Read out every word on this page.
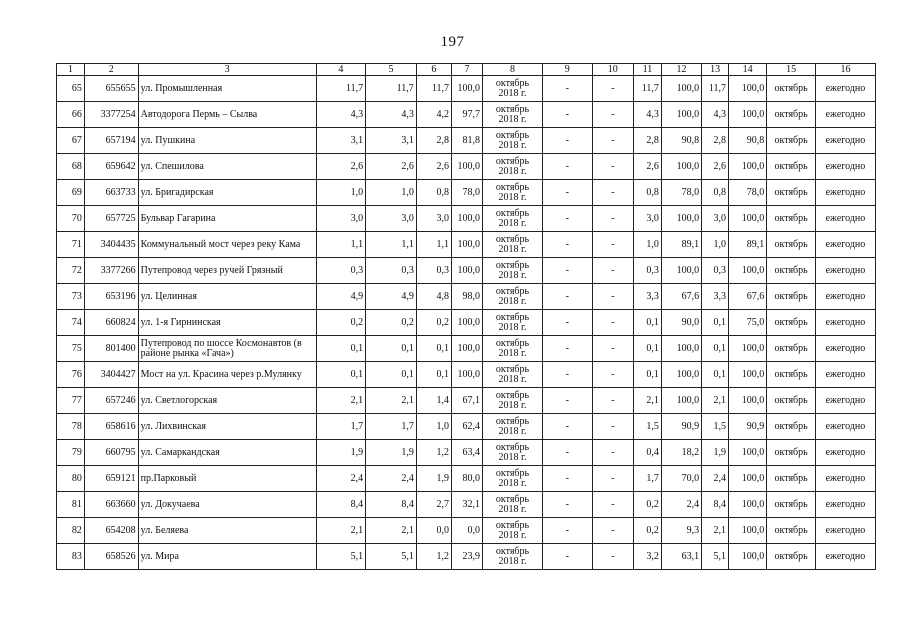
197
1	2	3	4	5	6	7	8	9	10	11	12	13	14	15	16
65	655655	ул. Промышленная	11,7	11,7	11,7	100,0	октябрь 2018 г.	-	-	11,7	100,0	11,7	100,0	октябрь	ежегодно
66	3377254	Автодорога Пермь – Сылва	4,3	4,3	4,2	97,7	октябрь 2018 г.	-	-	4,3	100,0	4,3	100,0	октябрь	ежегодно
67	657194	ул. Пушкина	3,1	3,1	2,8	81,8	октябрь 2018 г.	-	-	2,8	90,8	2,8	90,8	октябрь	ежегодно
68	659642	ул. Спешилова	2,6	2,6	2,6	100,0	октябрь 2018 г.	-	-	2,6	100,0	2,6	100,0	октябрь	ежегодно
69	663733	ул. Бригадирская	1,0	1,0	0,8	78,0	октябрь 2018 г.	-	-	0,8	78,0	0,8	78,0	октябрь	ежегодно
70	657725	Бульвар Гагарина	3,0	3,0	3,0	100,0	октябрь 2018 г.	-	-	3,0	100,0	3,0	100,0	октябрь	ежегодно
71	3404435	Коммунальный мост через реку Кама	1,1	1,1	1,1	100,0	октябрь 2018 г.	-	-	1,0	89,1	1,0	89,1	октябрь	ежегодно
72	3377266	Путепровод через ручей Грязный	0,3	0,3	0,3	100,0	октябрь 2018 г.	-	-	0,3	100,0	0,3	100,0	октябрь	ежегодно
73	653196	ул. Целинная	4,9	4,9	4,8	98,0	октябрь 2018 г.	-	-	3,3	67,6	3,3	67,6	октябрь	ежегодно
74	660824	ул. 1-я Гирнинская	0,2	0,2	0,2	100,0	октябрь 2018 г.	-	-	0,1	90,0	0,1	75,0	октябрь	ежегодно
75	801400	Путепровод по шоссе Космонавтов (в районе рынка «Гача»)	0,1	0,1	0,1	100,0	октябрь 2018 г.	-	-	0,1	100,0	0,1	100,0	октябрь	ежегодно
76	3404427	Мост на ул. Красина через р.Мулянку	0,1	0,1	0,1	100,0	октябрь 2018 г.	-	-	0,1	100,0	0,1	100,0	октябрь	ежегодно
77	657246	ул. Светлогорская	2,1	2,1	1,4	67,1	октябрь 2018 г.	-	-	2,1	100,0	2,1	100,0	октябрь	ежегодно
78	658616	ул. Лихвинская	1,7	1,7	1,0	62,4	октябрь 2018 г.	-	-	1,5	90,9	1,5	90,9	октябрь	ежегодно
79	660795	ул. Самаркандская	1,9	1,9	1,2	63,4	октябрь 2018 г.	-	-	0,4	18,2	1,9	100,0	октябрь	ежегодно
80	659121	пр.Парковый	2,4	2,4	1,9	80,0	октябрь 2018 г.	-	-	1,7	70,0	2,4	100,0	октябрь	ежегодно
81	663660	ул. Докучаева	8,4	8,4	2,7	32,1	октябрь 2018 г.	-	-	0,2	2,4	8,4	100,0	октябрь	ежегодно
82	654208	ул. Беляева	2,1	2,1	0,0	0,0	октябрь 2018 г.	-	-	0,2	9,3	2,1	100,0	октябрь	ежегодно
83	658526	ул. Мира	5,1	5,1	1,2	23,9	октябрь 2018 г.	-	-	3,2	63,1	5,1	100,0	октябрь	ежегодно
